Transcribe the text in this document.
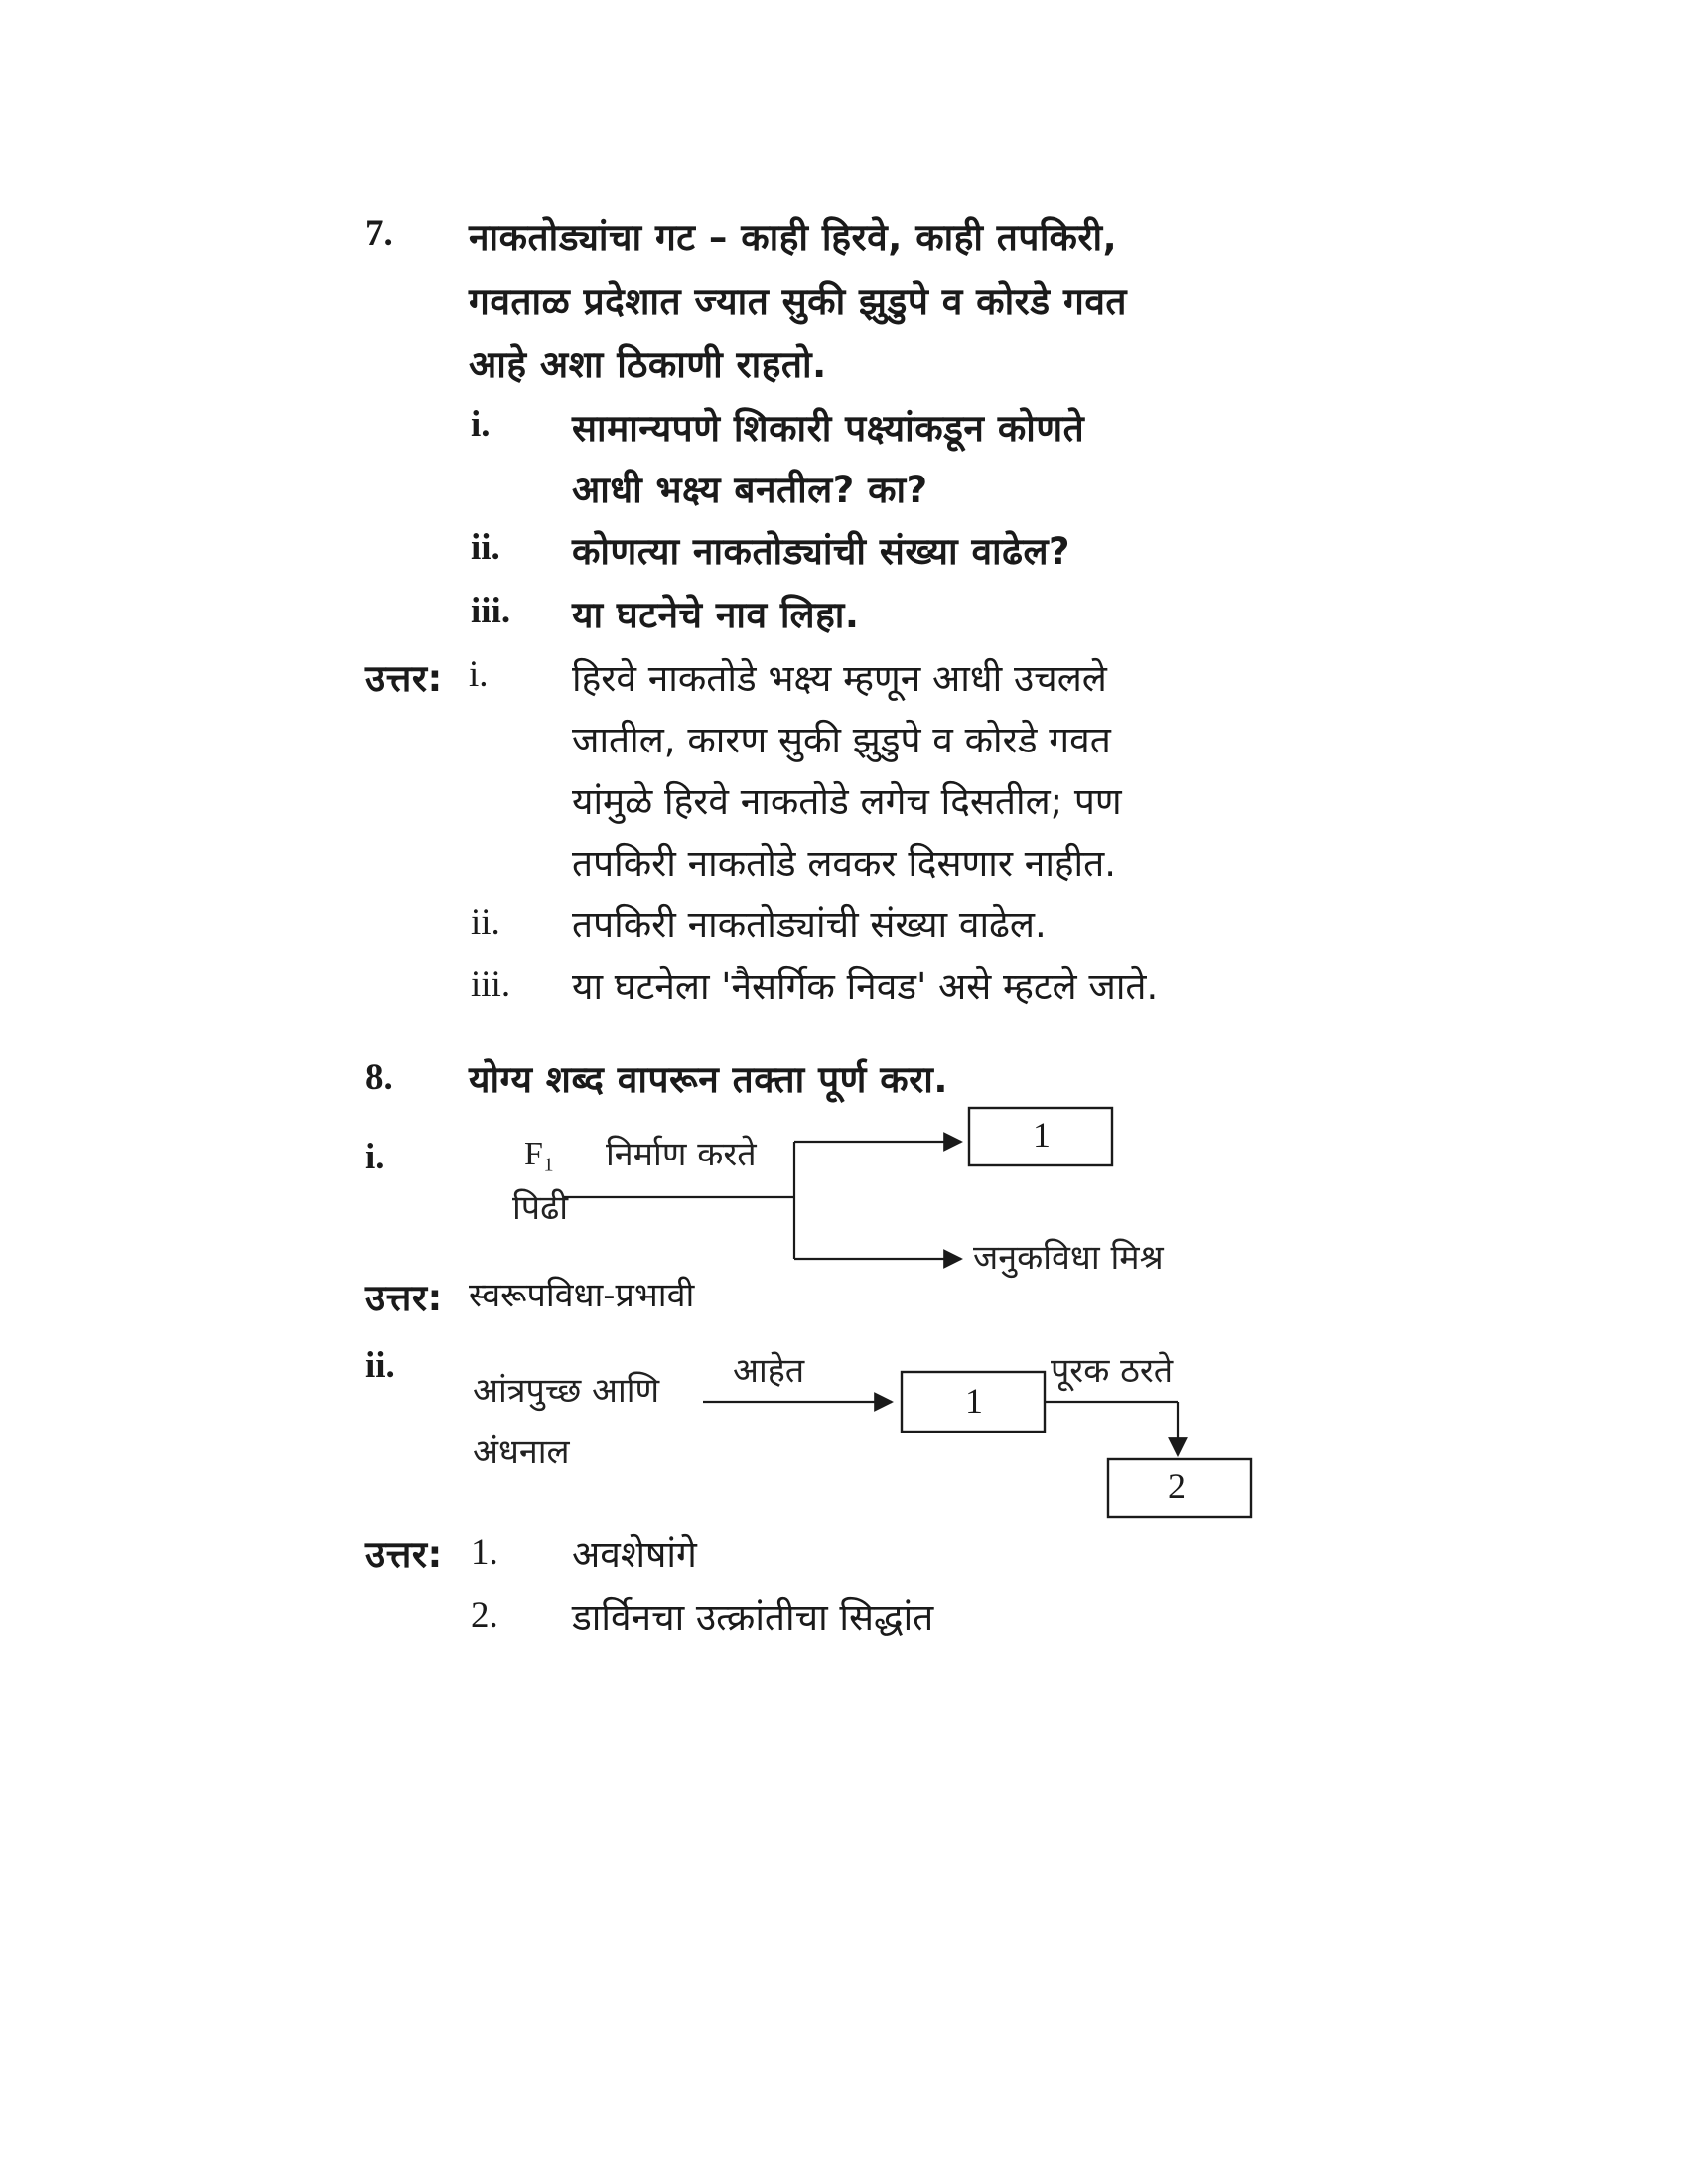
7. नाकतोड्यांचा गट – काही हिरवे, काही तपकिरी,
गवताळ प्रदेशात ज्यात सुकी झुडुपे व कोरडे गवत
आहे अशा ठिकाणी राहतो.
i. सामान्यपणे शिकारी पक्ष्यांकडून कोणते
आधी भक्ष्य बनतील? का?
ii. कोणत्या नाकतोड्यांची संख्या वाढेल?
iii. या घटनेचे नाव लिहा.
उत्तर: i. हिरवे नाकतोडे भक्ष्य म्हणून आधी उचलले
जातील, कारण सुकी झुडुपे व कोरडे गवत
यांमुळे हिरवे नाकतोडे लगेच दिसतील; पण
तपकिरी नाकतोडे लवकर दिसणार नाहीत.
ii. तपकिरी नाकतोड्यांची संख्या वाढेल.
iii. या घटनेला 'नैसर्गिक निवड' असे म्हटले जाते.
8. योग्य शब्द वापरून तक्ता पूर्ण करा.
i.	F₁
पिढी
निर्माण करते	1
जनुकविधा मिश्र
उत्तर: स्वरूपविधा-प्रभावी
ii.
आंत्रपुच्छ आणि
अंधनाल
आहेत
1
पूरक ठरते
2
उत्तर: 1. अवशेषांगे
2. डार्विनचा उत्क्रांतीचा सिद्धांत
